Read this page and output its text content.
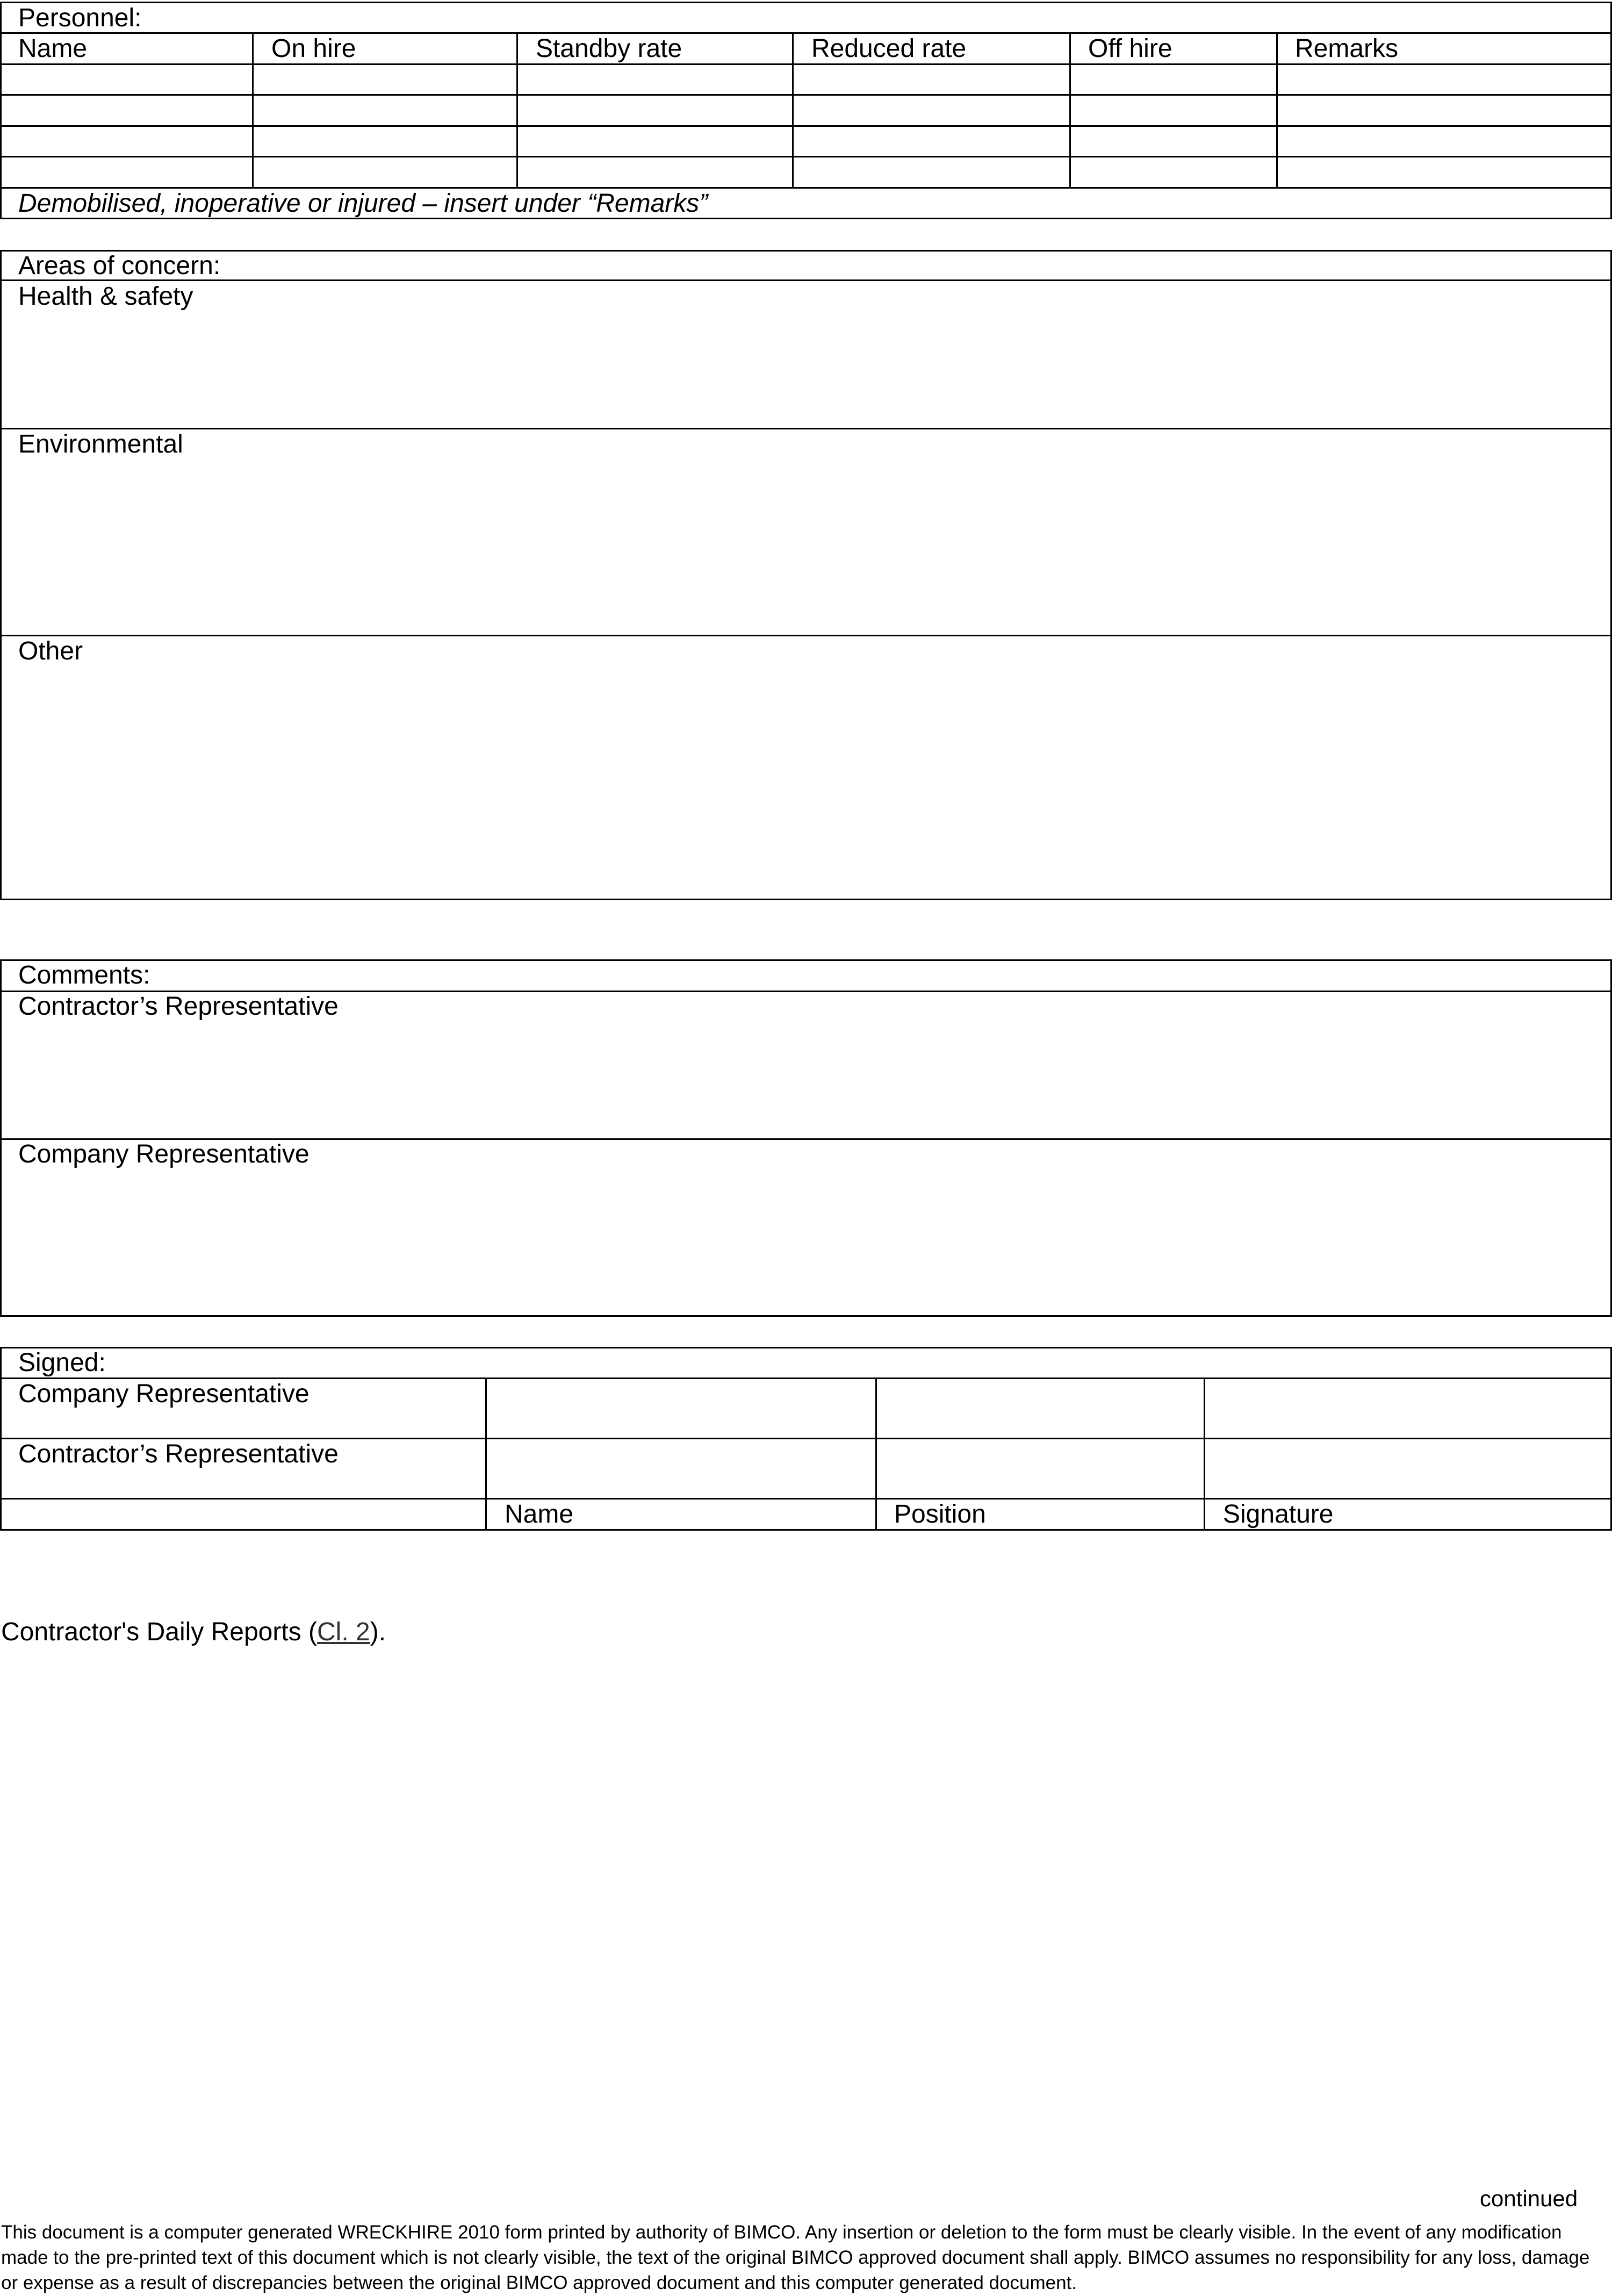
Personnel:
Name	On hire	Standby rate	Reduced rate	Off hire	Remarks
Demobilised, inoperative or injured – insert under “Remarks”
Areas of concern:
Health & safety
Environmental
Other
Comments:
Contractor’s Representative
Company Representative
Signed:
Company Representative
Contractor’s Representative
Name	Position	Signature
Contractor's Daily Reports (Cl. 2).
continued
This document is a computer generated WRECKHIRE 2010 form printed by authority of BIMCO. Any insertion or deletion to the form must be clearly visible. In the event of any modification made to the pre-printed text of this document which is not clearly visible, the text of the original BIMCO approved document shall apply. BIMCO assumes no responsibility for any loss, damage or expense as a result of discrepancies between the original BIMCO approved document and this computer generated document.
